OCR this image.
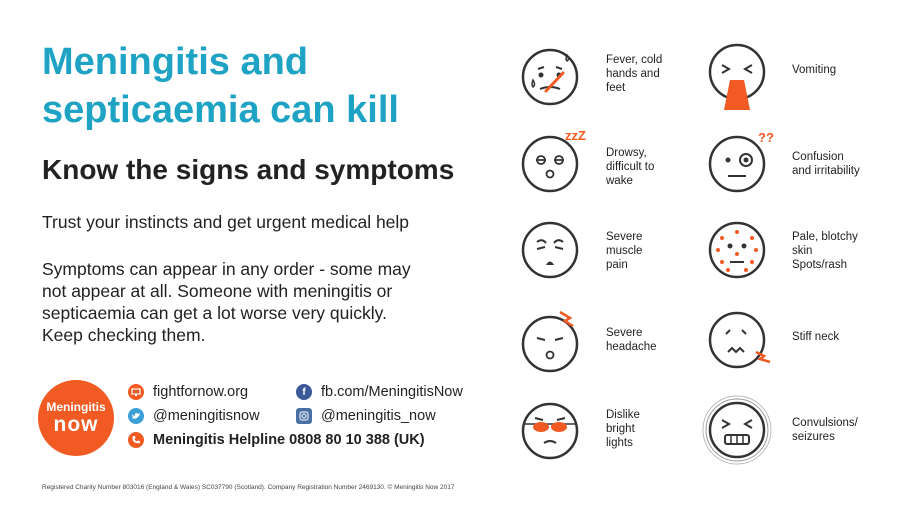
Meningitis and
septicaemia can kill
Know the signs and symptoms
Trust your instincts and get urgent medical help
Symptoms can appear in any order - some may
not appear at all. Someone with meningitis or
septicaemia can get a lot worse very quickly.
Keep checking them.
Meningitis
now
fightfornow.org	f	fb.com/MeningitisNow
@meningitisnow	@meningitis_now
Meningitis Helpline 0808 80 10 388 (UK)
Registered Charity Number 803016 (England & Wales) SC037790 (Scotland). Company Registration Number 2469130. © Meningitis Now 2017
Fever, cold
hands and
feet
Vomiting
zzZ
Drowsy,
difficult to
wake
??
Confusion
and irritability
Severe
muscle
pain
Pale, blotchy
skin
Spots/rash
Severe
headache
Stiff neck
Dislike
bright
lights
Convulsions/
seizures
